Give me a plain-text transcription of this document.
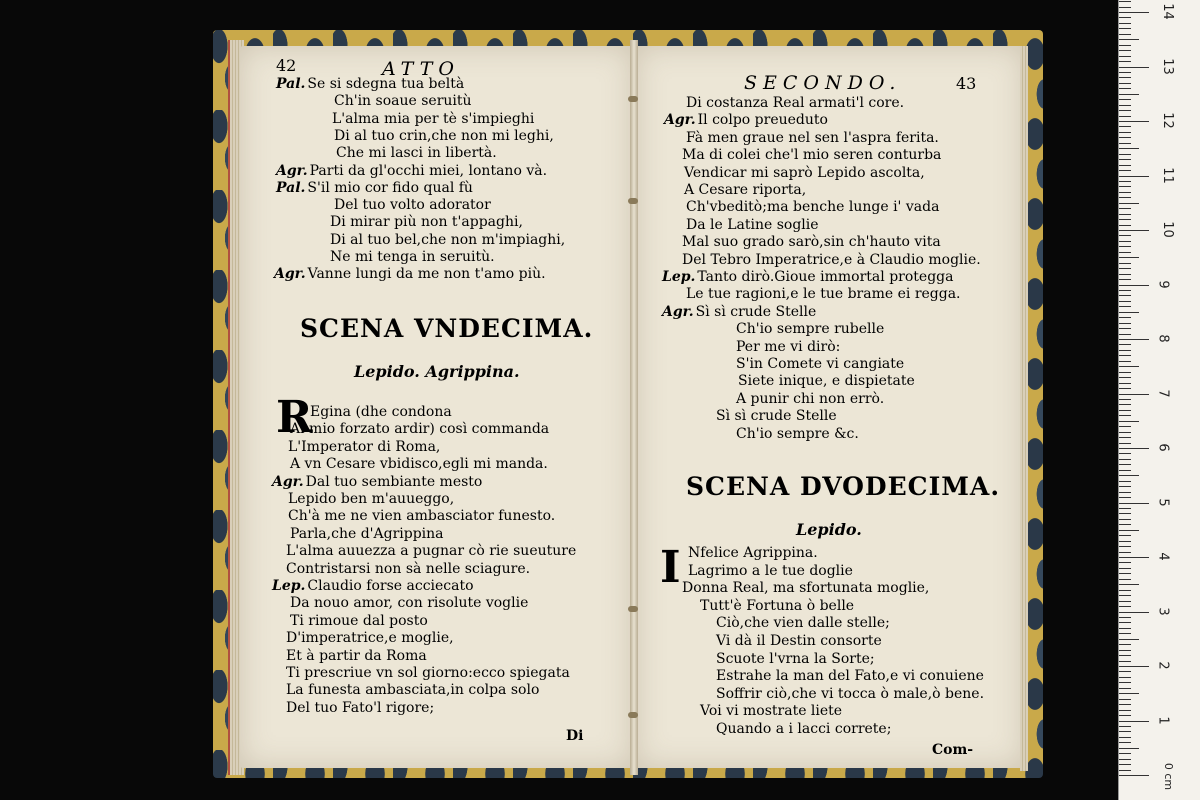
42	ATTO
Pal. Se si sdegna tua beltà
Ch'in soaue seruitù
L'alma mia per tè s'impieghi
Di al tuo crin,che non mi leghi,
Che mi lasci in libertà.
Agr. Parti da gl'occhi miei, lontano và.
Pal. S'il mio cor fido qual fù
Del tuo volto adorator
Di mirar più non t'appaghi,
Di al tuo bel,che non m'impiaghi,
Ne mi tenga in seruitù.
Agr. Vanne lungi da me non t'amo più.
SCENA VNDECIMA.
Lepido. Agrippina.
R
Egina (dhe condona
Al mio forzato ardir) così commanda
L'Imperator di Roma,
A vn Cesare vbidisco,egli mi manda.
Agr. Dal tuo sembiante mesto
Lepido ben m'auueggo,
Ch'à me ne vien ambasciator funesto.
Parla,che d'Agrippina
L'alma auuezza a pugnar cò rie sueuture
Contristarsi non sà nelle sciagure.
Lep. Claudio forse acciecato
Da nouo amor, con risolute voglie
Ti rimoue dal posto
D'imperatrice,e moglie,
Et à partir da Roma
Ti prescriue vn sol giorno:ecco spiegata
La funesta ambasciata,in colpa solo
Del tuo Fato'l rigore;
Di
SECONDO.	43
Di costanza Real armati'l core.
Agr. Il colpo preueduto
Fà men graue nel sen l'aspra ferita.
Ma di colei che'l mio seren conturba
Vendicar mi saprò Lepido ascolta,
A Cesare riporta,
Ch'vbeditò;ma benche lunge i' vada
Da le Latine soglie
Mal suo grado sarò,sin ch'hauto vita
Del Tebro Imperatrice,e à Claudio moglie.
Lep. Tanto dirò.Gioue immortal protegga
Le tue ragioni,e le tue brame ei regga.
Agr. Sì sì crude Stelle
Ch'io sempre rubelle
Per me vi dirò:
S'in Comete vi cangiate
Siete inique, e dispietate
A punir chi non errò.
Sì sì crude Stelle
Ch'io sempre &c.
SCENA DVODECIMA.
Lepido.
I Nfelice Agrippina.
Lagrimo a le tue doglie
Donna Real, ma sfortunata moglie,
Tutt'è Fortuna ò belle
Ciò,che vien dalle stelle;
Vi dà il Destin consorte
Scuote l'vrna la Sorte;
Estrahe la man del Fato,e vi conuiene
Soffrir ciò,che vi tocca ò male,ò bene.
Voi vi mostrate liete
Quando a i lacci correte;
Com-
0 cm
14
13
12
11
10
9
8
7
6
5
4
3
2
1
